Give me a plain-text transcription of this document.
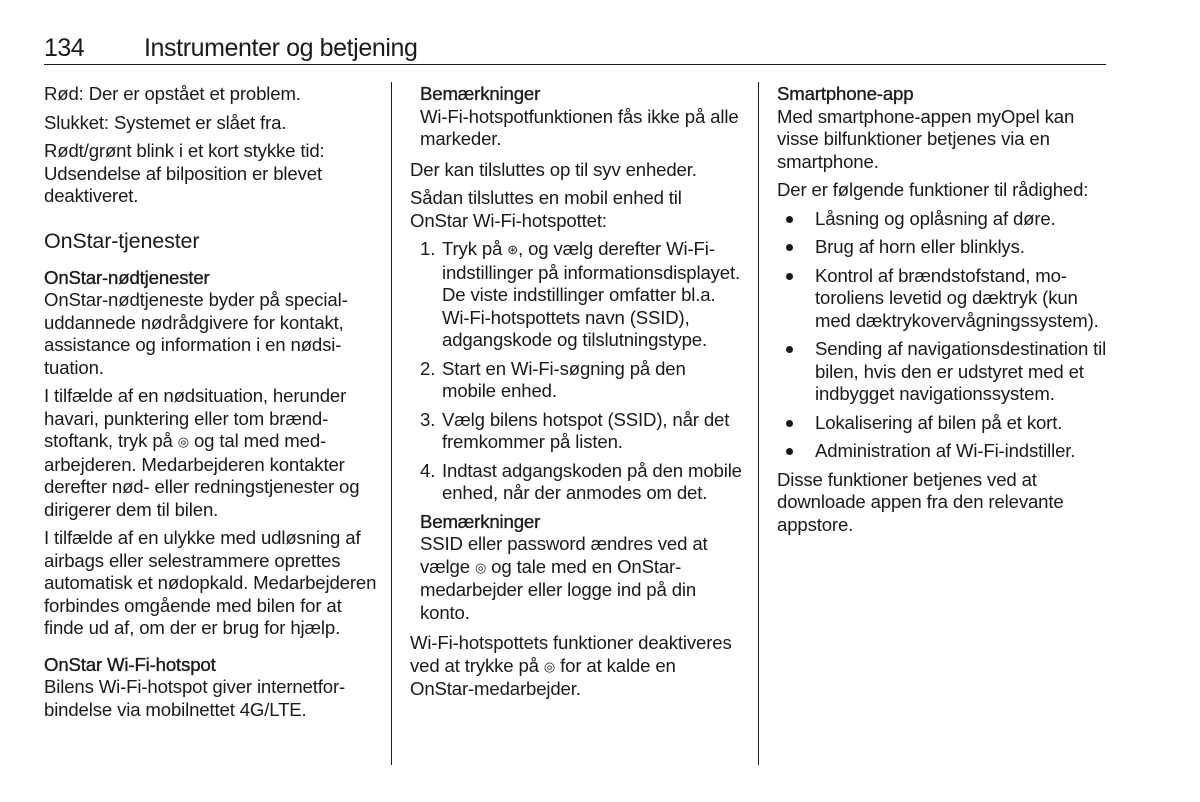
134 Instrumenter og betjening

Rød: Der er opstået et problem.

Slukket: Systemet er slået fra.

Rødt/grønt blink i et kort stykke tid: Udsendelse af bilposition er blevet deaktiveret.

OnStar-tjenester
OnStar-nødtjenester

OnStar-nødtjeneste byder på specialuddannede nødrådgivere for kontakt, assistance og information i en nødsituation.

I tilfælde af en nødsituation, herunder havari, punktering eller tom brændstoftank, tryk på ◎ og tal med medarbejderen. Medarbejderen kontakter derefter nød- eller redningstjenester og dirigerer dem til bilen.

I tilfælde af en ulykke med udløsning af airbags eller selestrammere oprettes automatisk et nødopkald. Medarbejderen forbindes omgående med bilen for at finde ud af, om der er brug for hjælp.

OnStar Wi-Fi-hotspot

Bilens Wi-Fi-hotspot giver internetforbindelse via mobilnettet 4G/LTE.

Bemærkninger

Wi-Fi-hotspotfunktionen fås ikke på alle markeder.

Der kan tilsluttes op til syv enheder.

Sådan tilsluttes en mobil enhed til OnStar Wi-Fi-hotspottet:

1. Tryk på ⊛, og vælg derefter Wi-Fi-indstillinger på informationsdisplayet. De viste indstillinger omfatter bl.a. Wi-Fi-hotspottets navn (SSID), adgangskode og tilslutningstype.
2. Start en Wi-Fi-søgning på den mobile enhed.
3. Vælg bilens hotspot (SSID), når det fremkommer på listen.
4. Indtast adgangskoden på den mobile enhed, når der anmodes om det.
Bemærkninger

SSID eller password ændres ved at vælge ◎ og tale med en OnStar-medarbejder eller logge ind på din konto.

Wi-Fi-hotspottets funktioner deaktiveres ved at trykke på ◎ for at kalde en OnStar-medarbejder.

Smartphone-app

Med smartphone-appen myOpel kan visse bilfunktioner betjenes via en smartphone.

Der er følgende funktioner til rådighed:

Låsning og oplåsning af døre.
Brug af horn eller blinklys.
Kontrol af brændstofstand, motoroliens levetid og dæktryk (kun med dæktrykovervågningssystem).
Sending af navigationsdestination til bilen, hvis den er udstyret med et indbygget navigationssystem.
Lokalisering af bilen på et kort.
Administration af Wi-Fi-indstiller.

Disse funktioner betjenes ved at downloade appen fra den relevante appstore.
